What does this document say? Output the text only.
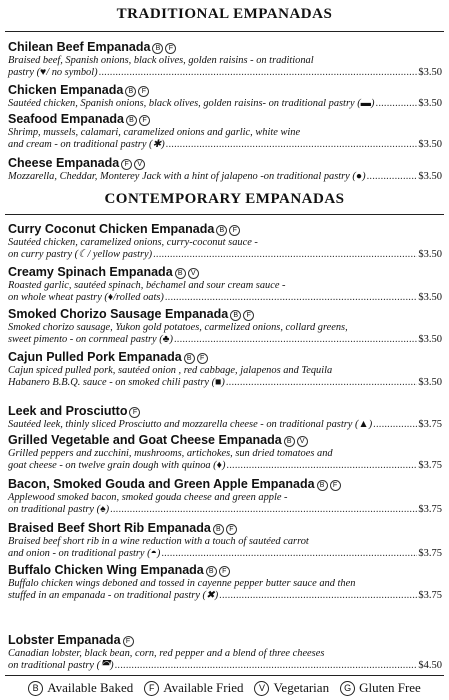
TRADITIONAL EMPANADAS
CONTEMPORARY EMPANADAS
Chilean Beef Empanada B F
Braised beef, Spanish onions, black olives, golden raisins - on traditional
pastry (♥/ no symbol) .....	$3.50
Chicken Empanada B F
Sautéed chicken, Spanish onions, black olives, golden raisins- on traditional pastry (▬) .....	$3.50
Seafood Empanada B F
Shrimp, mussels, calamari, caramelized onions and garlic, white wine
and cream - on traditional pastry (✱) .....	$3.50
Cheese Empanada F V
Mozzarella, Cheddar, Monterey Jack with a hint of jalapeno -on traditional pastry (●) .....	$3.50
Curry Coconut Chicken Empanada B F
Sautéed chicken, caramelized onions, curry-coconut sauce -
on curry pastry (☾/ yellow pastry) .....	$3.50
Creamy Spinach Empanada B V
Roasted garlic, sautéed spinach, béchamel and sour cream sauce -
on whole wheat pastry (♦/rolled oats) .....	$3.50
Smoked Chorizo Sausage Empanada B F
Smoked chorizo sausage, Yukon gold potatoes, carmelized onions, collard greens,
sweet pimento - on cornmeal pastry (♣) .....	$3.50
Cajun Pulled Pork Empanada B F
Cajun spiced pulled pork, sautéed onion , red cabbage, jalapenos and Tequila
Habanero B.B.Q. sauce - on smoked chili pastry (■) .....	$3.50
Leek and Prosciutto F
Sautéed leek, thinly sliced Prosciutto and mozzarella cheese - on traditional pastry (▲) .....	$3.75
Grilled Vegetable and Goat Cheese Empanada B V
Grilled peppers and zucchini, mushrooms, artichokes, sun dried tomatoes and
goat cheese - on twelve grain dough with quinoa (♦) .....	$3.75
Bacon, Smoked Gouda and Green Apple Empanada B F
Applewood smoked bacon, smoked gouda cheese and green apple -
on traditional pastry (♠) .....	$3.75
Braised Beef Short Rib Empanada B F
Braised beef short rib in a wine reduction with a touch of sautéed carrot
and onion - on traditional pastry (◓) .....	$3.75
Buffalo Chicken Wing Empanada B F
Buffalo chicken wings deboned and tossed in cayenne pepper butter sauce and then
stuffed in an empanada - on traditional pastry (✖) .....	$3.75
Lobster Empanada F
Canadian lobster, black bean, corn, red pepper and a blend of three cheeses
on traditional pastry (◚) .....	$4.50
B Available Baked	F Available Fried	V Vegetarian	G Gluten Free
